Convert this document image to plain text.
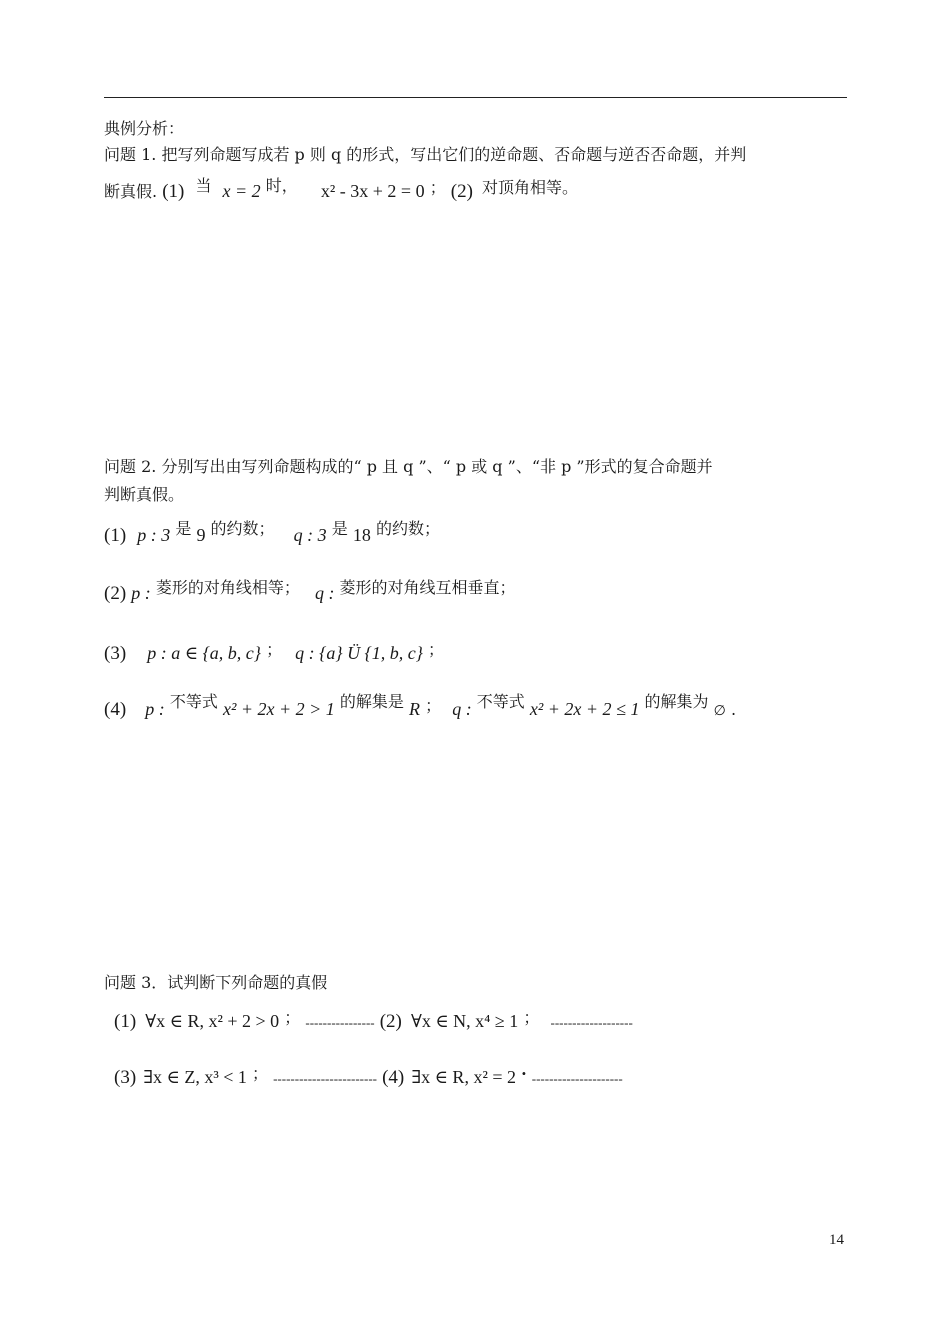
典例分析：
问题 1. 把写列命题写成若 p 则 q 的形式，写出它们的逆命题、否命题与逆否否命题，并判
断真假. (1) 当 x = 2 时， x² - 3x + 2 = 0 ； (2) 对顶角相等。
问题 2. 分别写出由写列命题构成的“ p 且 q ”、“ p 或 q ”、“非 p ”形式的复合命题并
判断真假。
(1) p : 3 是 9 的约数； q : 3 是 18 的约数；
(2) p : 菱形的对角线相等； q : 菱形的对角线互相垂直；
(3) p : a ∈ {a, b, c} ； q : {a} Ü {1, b, c} ；
(4) p : 不等式 x² + 2x + 2 > 1 的解集是 R ； q : 不等式 x² + 2x + 2 ≤ 1 的解集为 ∅ .
问题 3．试判断下列命题的真假
(1) ∀x ∈ R, x² + 2 > 0 ； ---------------- (2) ∀x ∈ N, x⁴ ≥ 1 ； -------------------
(3) ∃x ∈ Z, x³ < 1 ； ------------------------ (4) ∃x ∈ R, x² = 2 · ---------------------
14
